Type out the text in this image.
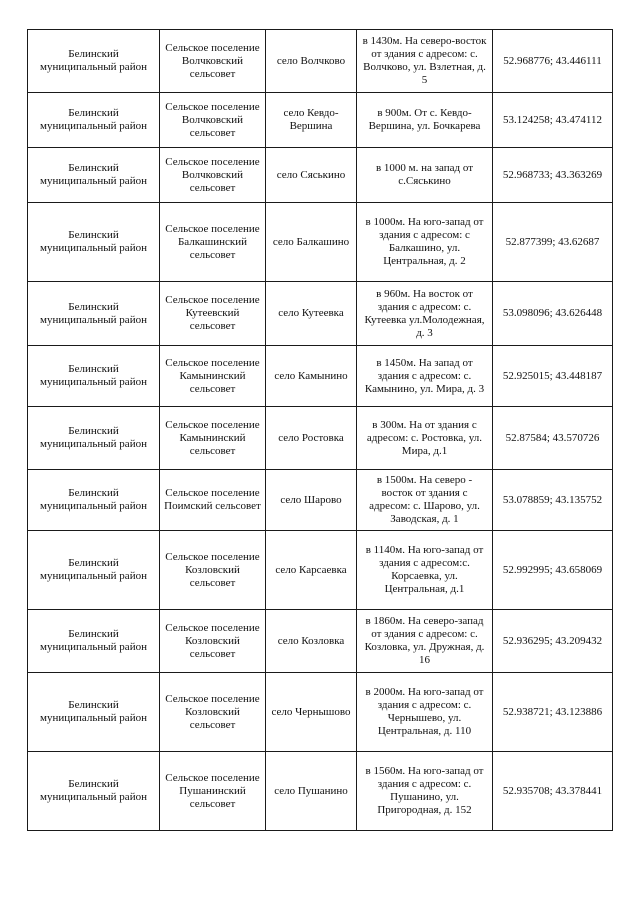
Белинский муниципальный район	Сельское поселение Волчковский сельсовет	село Волчково	в 1430м. На северо-восток от здания с адресом: с. Волчково, ул. Взлетная, д. 5	52.968776; 43.446111
Белинский муниципальный район	Сельское поселение Волчковский сельсовет	село Кевдо-Вершина	в 900м. От с. Кевдо-Вершина, ул. Бочкарева	53.124258; 43.474112
Белинский муниципальный район	Сельское поселение Волчковский сельсовет	село Сяськино	в 1000 м. на запад от с.Сяськино	52.968733; 43.363269
Белинский муниципальный район	Сельское поселение Балкашинский сельсовет	село Балкашино	в 1000м. На юго-запад от здания с адресом: с Балкашино, ул. Центральная, д. 2	52.877399; 43.62687
Белинский муниципальный район	Сельское поселение Кутеевский сельсовет	село Кутеевка	в 960м. На восток от здания с адресом: с. Кутеевка ул.Молодежная, д. 3	53.098096; 43.626448
Белинский муниципальный район	Сельское поселение Камынинский сельсовет	село Камынино	в 1450м. На запад от здания с адресом: с. Камынино, ул. Мира, д. 3	52.925015; 43.448187
Белинский муниципальный район	Сельское поселение Камынинский сельсовет	село Ростовка	в 300м. На от здания с адресом: с. Ростовка, ул. Мира, д.1	52.87584; 43.570726
Белинский муниципальный район	Сельское поселение Поимский сельсовет	село Шарово	в 1500м. На северо - восток от здания с адресом: с. Шарово, ул. Заводская, д. 1	53.078859; 43.135752
Белинский муниципальный район	Сельское поселение Козловский сельсовет	село Карсаевка	в 1140м. На юго-запад от здания с адресом:с. Корсаевка, ул. Центральная, д.1	52.992995; 43.658069
Белинский муниципальный район	Сельское поселение Козловский сельсовет	село Козловка	в 1860м. На северо-запад от здания с адресом: с. Козловка, ул. Дружная, д. 16	52.936295; 43.209432
Белинский муниципальный район	Сельское поселение Козловский сельсовет	село Чернышово	в 2000м. На юго-запад от здания с адресом: с. Чернышево, ул. Центральная, д. 110	52.938721; 43.123886
Белинский муниципальный район	Сельское поселение Пушанинский сельсовет	село Пушанино	в 1560м. На юго-запад от здания с адресом: с. Пушанино, ул. Пригородная, д. 152	52.935708; 43.378441
